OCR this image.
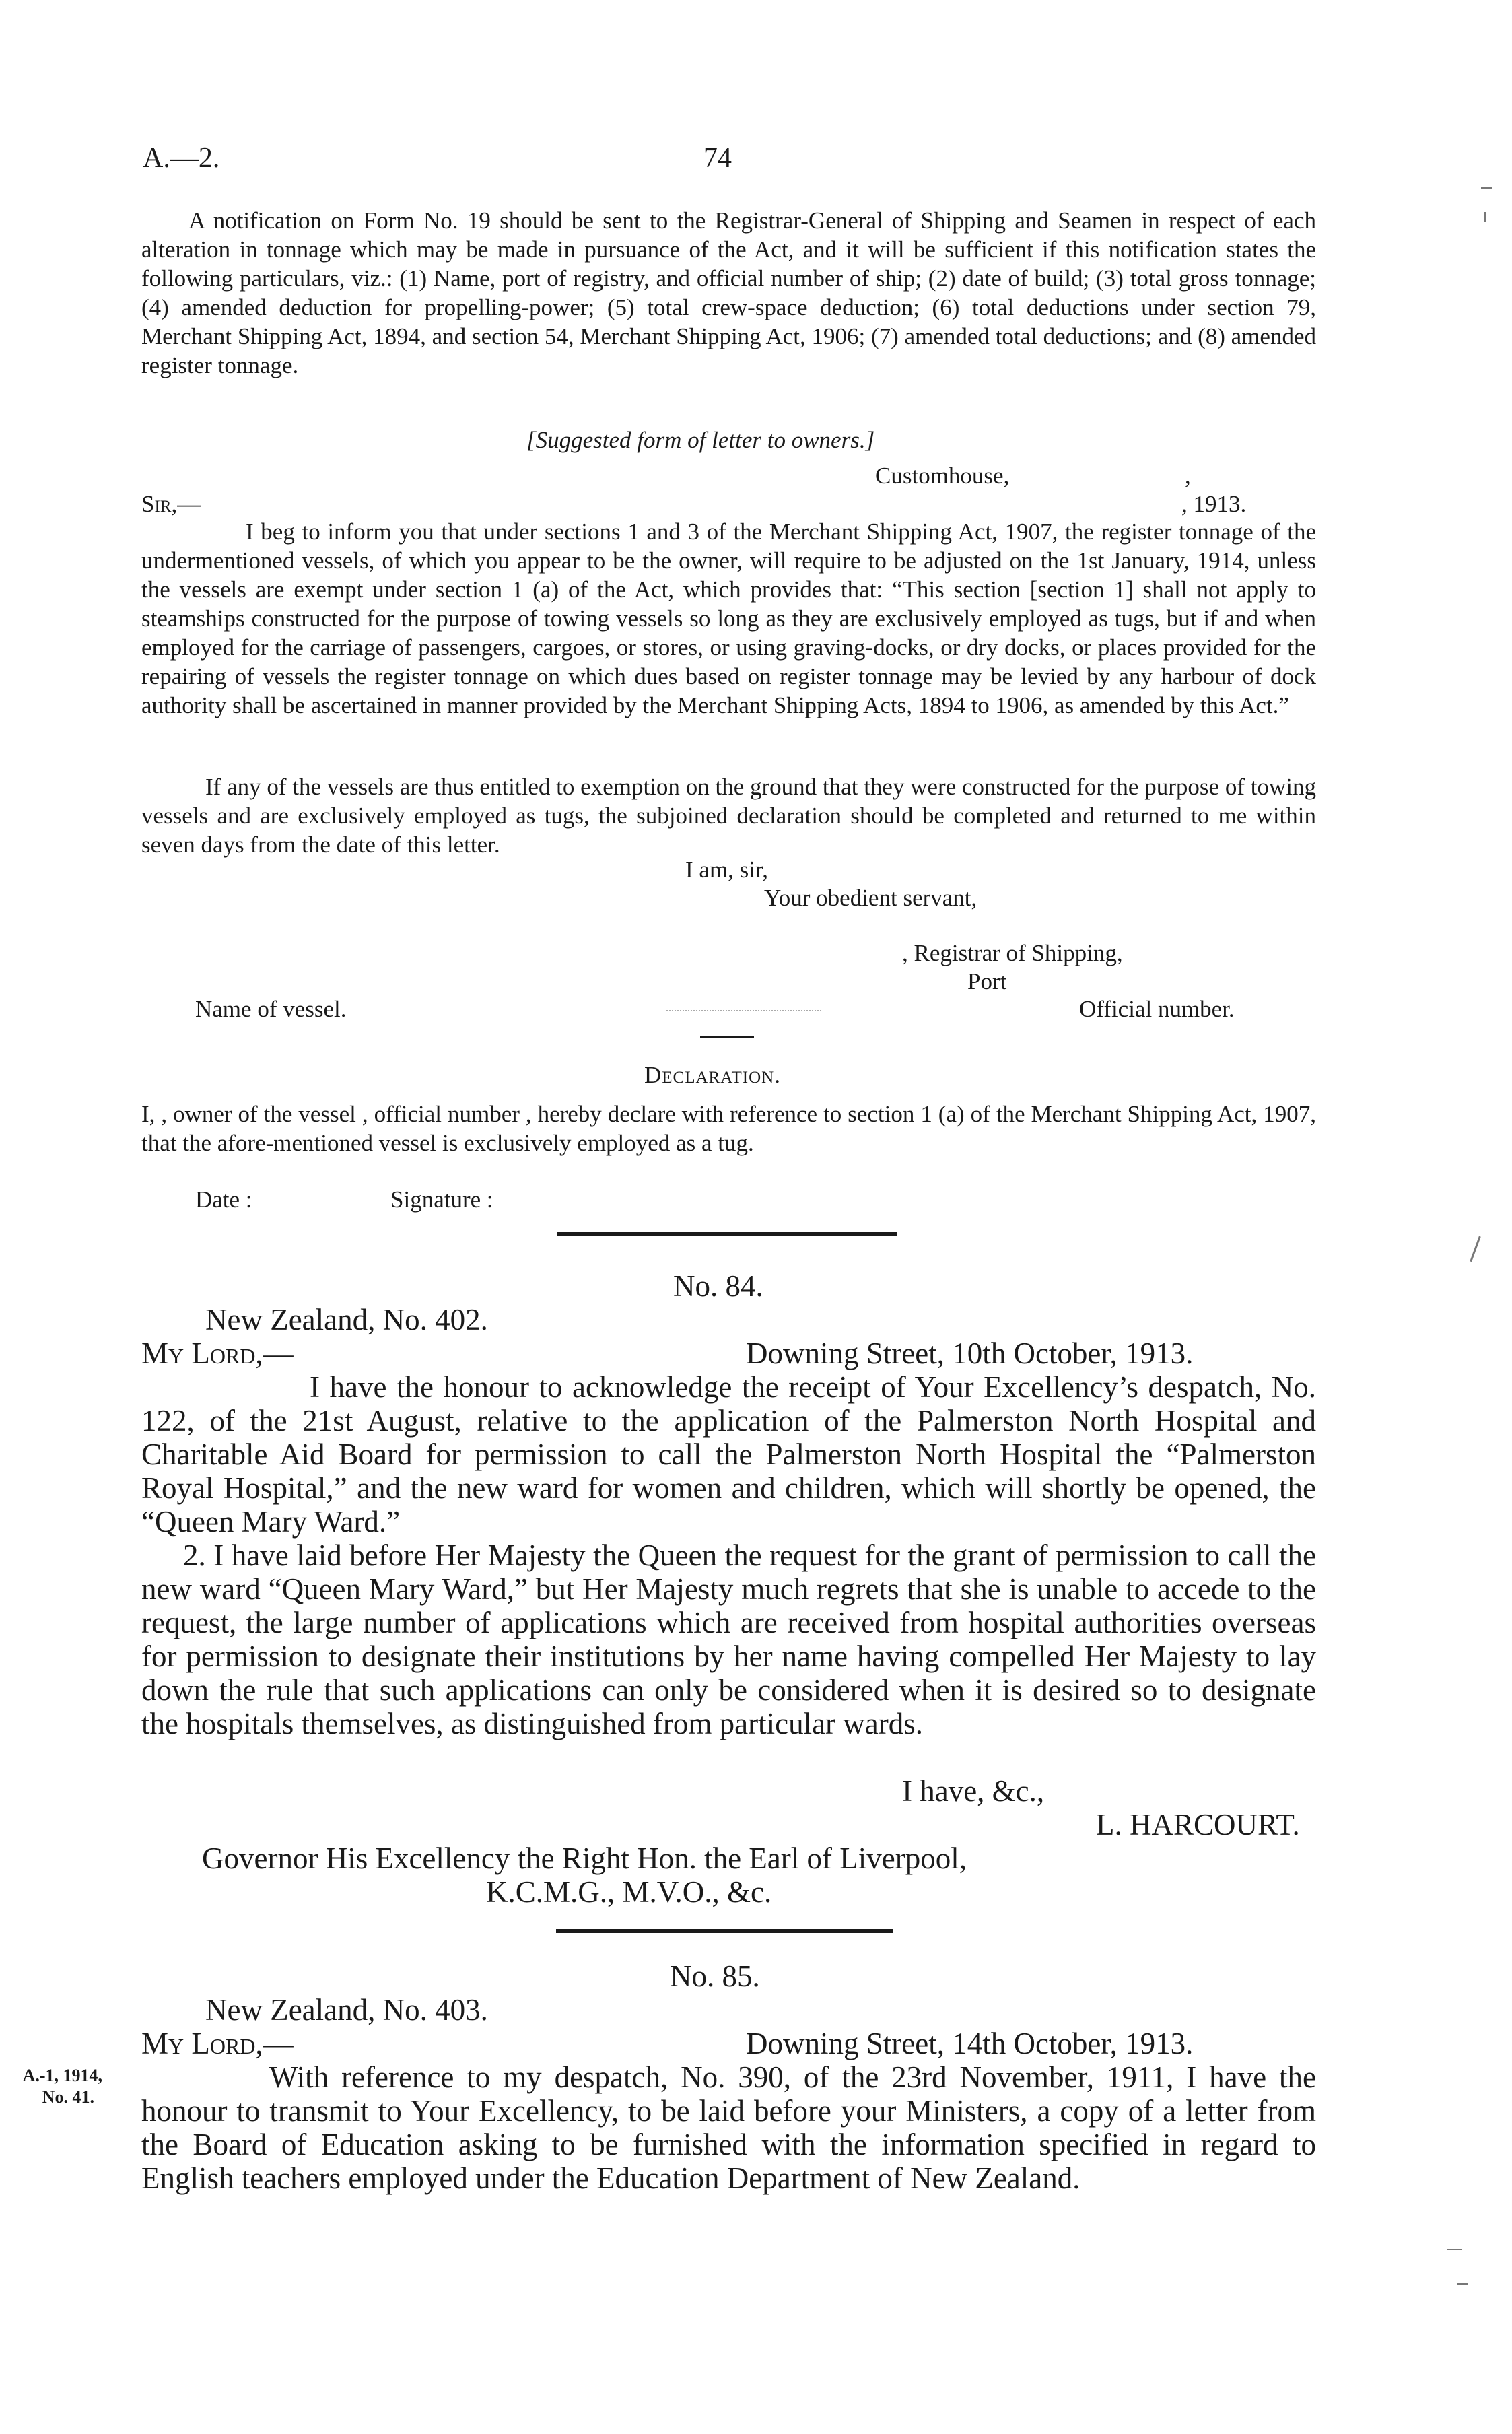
A.—2.	74
A notification on Form No. 19 should be sent to the Registrar-General of Shipping and Seamen in respect of each alteration in tonnage which may be made in pursuance of the Act, and it will be sufficient if this notification states the following particulars, viz.: (1) Name, port of registry, and official number of ship; (2) date of build; (3) total gross tonnage; (4) amended deduction for propelling-power; (5) total crew-space deduction; (6) total deductions under section 79, Merchant Shipping Act, 1894, and section 54, Merchant Shipping Act, 1906; (7) amended total deductions; and (8) amended register tonnage.
[Suggested form of letter to owners.]
Customhouse,	,
Sir,—	, 1913.
I beg to inform you that under sections 1 and 3 of the Merchant Shipping Act, 1907, the register tonnage of the undermentioned vessels, of which you appear to be the owner, will require to be adjusted on the 1st January, 1914, unless the vessels are exempt under section 1 (a) of the Act, which provides that: “This section [section 1] shall not apply to steamships constructed for the purpose of towing vessels so long as they are exclusively employed as tugs, but if and when employed for the carriage of passengers, cargoes, or stores, or using graving-docks, or dry docks, or places provided for the repairing of vessels the register tonnage on which dues based on register tonnage may be levied by any harbour of dock authority shall be ascertained in manner provided by the Merchant Shipping Acts, 1894 to 1906, as amended by this Act.”
If any of the vessels are thus entitled to exemption on the ground that they were constructed for the purpose of towing vessels and are exclusively employed as tugs, the subjoined declaration should be completed and returned to me within seven days from the date of this letter.
I am, sir,
Your obedient servant,
, Registrar of Shipping,
Port
Name of vessel.	Official number.
Declaration.
I, , owner of the vessel , official number , hereby declare with reference to section 1 (a) of the Merchant Shipping Act, 1907, that the afore-mentioned vessel is exclusively employed as a tug.
Date :	Signature :
No. 84.
New Zealand, No. 402.
My Lord,—	Downing Street, 10th October, 1913.
I have the honour to acknowledge the receipt of Your Excellency’s despatch, No. 122, of the 21st August, relative to the application of the Palmerston North Hospital and Charitable Aid Board for permission to call the Palmerston North Hospital the “Palmerston Royal Hospital,” and the new ward for women and children, which will shortly be opened, the “Queen Mary Ward.”
2. I have laid before Her Majesty the Queen the request for the grant of permission to call the new ward “Queen Mary Ward,” but Her Majesty much regrets that she is unable to accede to the request, the large number of applications which are received from hospital authorities overseas for permission to designate their institutions by her name having compelled Her Majesty to lay down the rule that such applications can only be considered when it is desired so to designate the hospitals themselves, as distinguished from particular wards.
I have, &c.,
L. HARCOURT.
Governor His Excellency the Right Hon. the Earl of Liverpool,
K.C.M.G., M.V.O., &c.
No. 85.
New Zealand, No. 403.
My Lord,—	Downing Street, 14th October, 1913.
A.-1, 1914,
No. 41.
With reference to my despatch, No. 390, of the 23rd November, 1911, I have the honour to transmit to Your Excellency, to be laid before your Ministers, a copy of a letter from the Board of Education asking to be furnished with the information specified in regard to English teachers employed under the Education Department of New Zealand.
